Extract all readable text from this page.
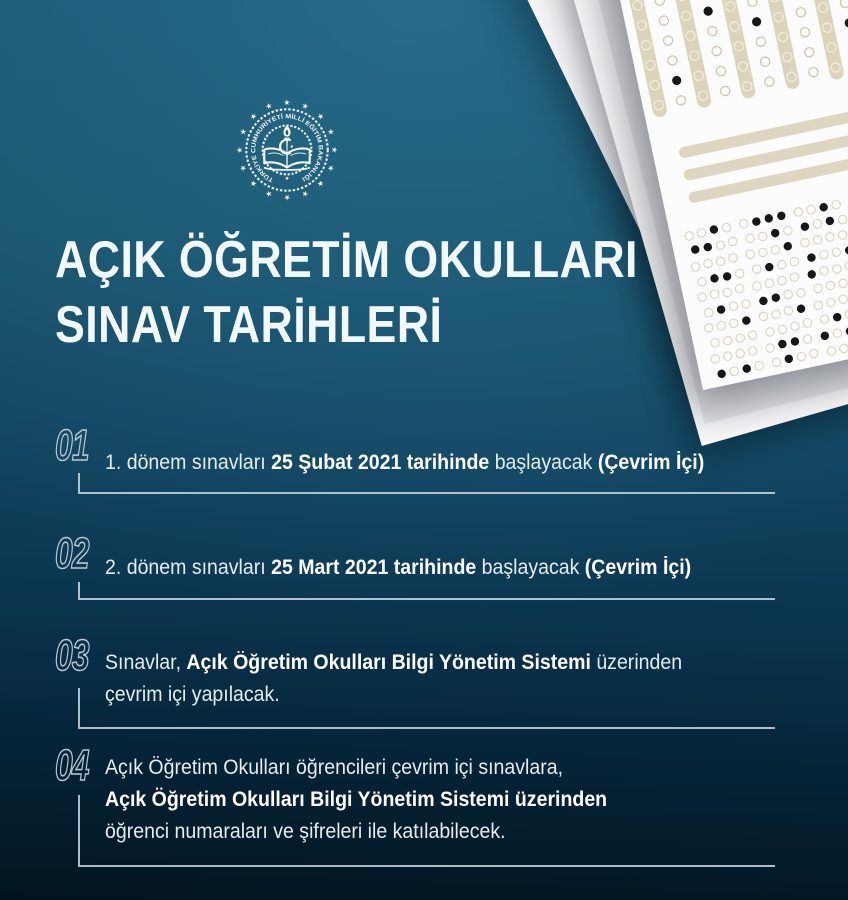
★ ★
★
★
★
★
★
★
★
★
★
★
★
★
★
★
TÜRKİYE CUMHURİYETİ MİLLİ EĞİTİM BAKANLIĞI
AÇIK ÖĞRETİM OKULLARI
SINAV TARİHLERİ
01 1. dönem sınavları 25 Şubat 2021 tarihinde başlayacak (Çevrim İçi)
02 2. dönem sınavları 25 Mart 2021 tarihinde başlayacak (Çevrim İçi)
03 Sınavlar, Açık Öğretim Okulları Bilgi Yönetim Sistemi üzerinden
çevrim içi yapılacak.
04 Açık Öğretim Okulları öğrencileri çevrim içi sınavlara,
Açık Öğretim Okulları Bilgi Yönetim Sistemi üzerinden
öğrenci numaraları ve şifreleri ile katılabilecek.
